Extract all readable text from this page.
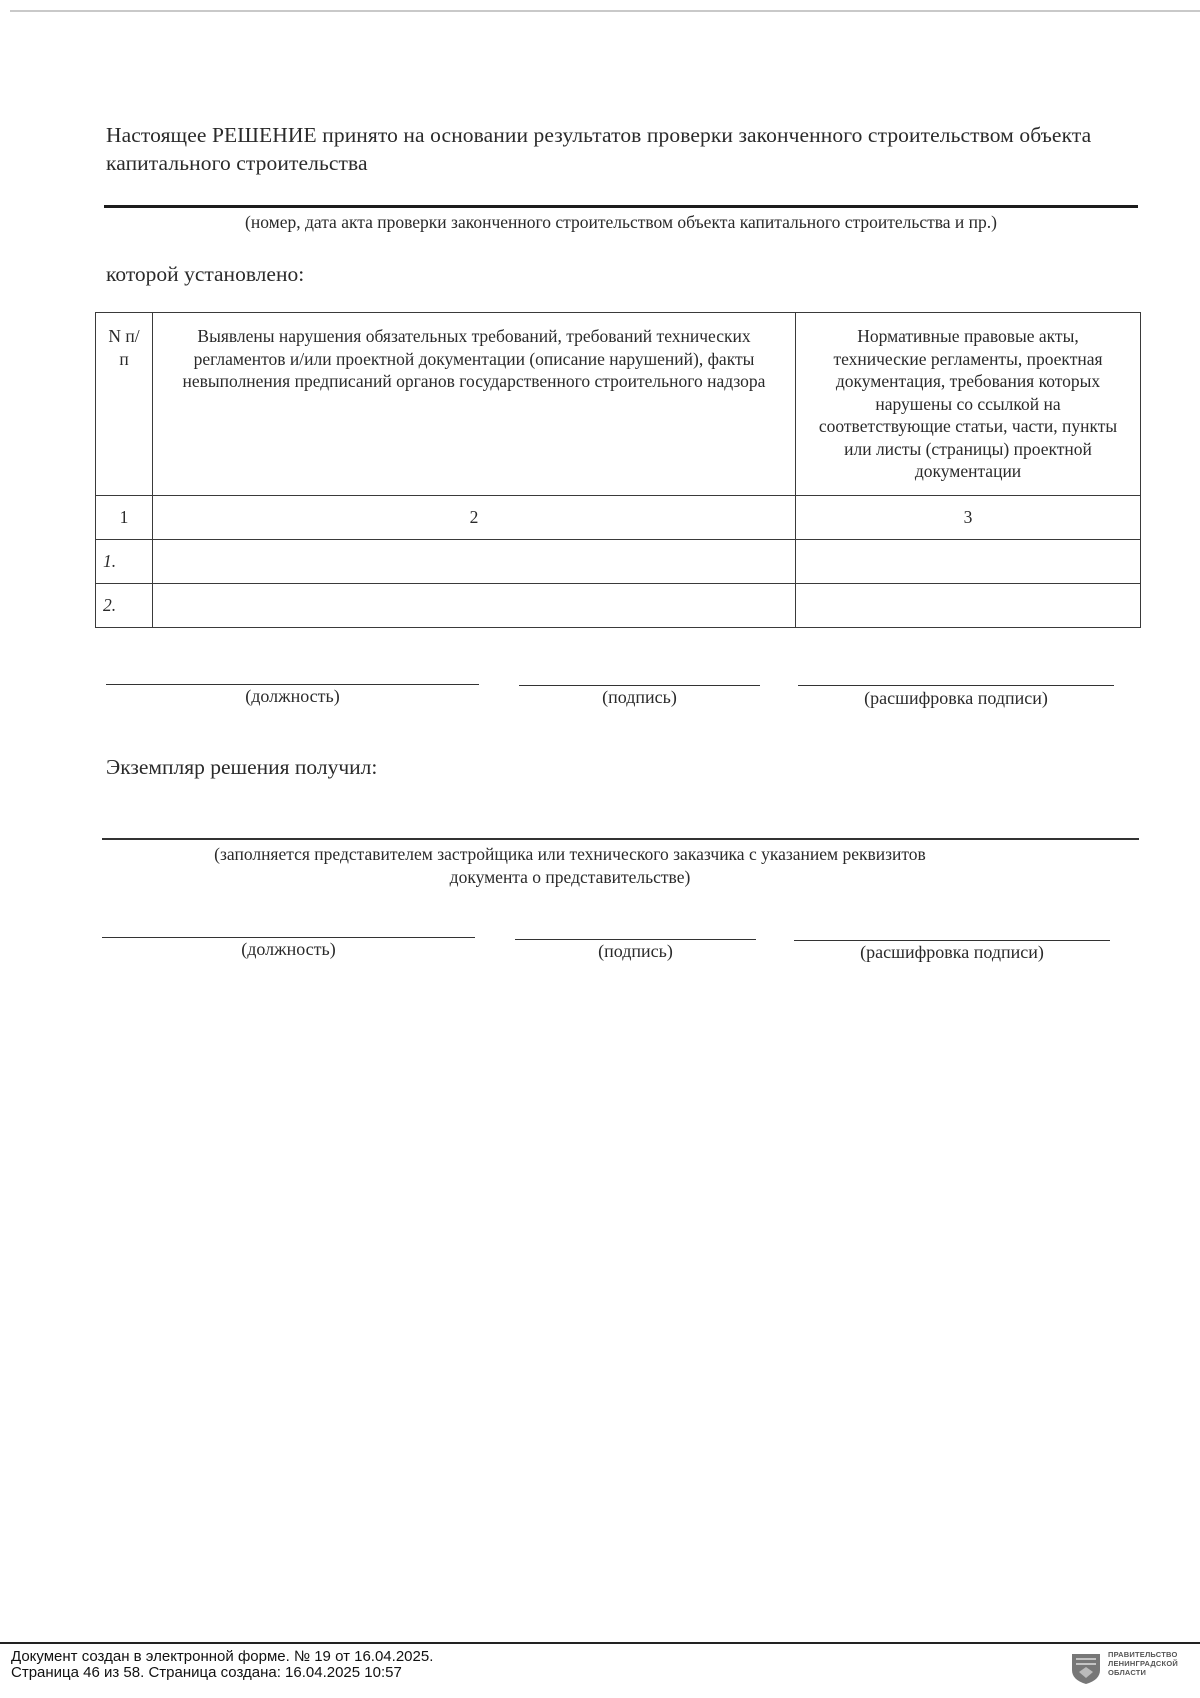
Настоящее РЕШЕНИЕ принято на основании результатов проверки законченного строительством объекта капитального строительства
(номер, дата акта проверки законченного строительством объекта капитального строительства и пр.)
которой установлено:
N п/п	Выявлены нарушения обязательных требований, требований технических регламентов и/или проектной документации (описание нарушений), факты невыполнения предписаний органов государственного строительного надзора	Нормативные правовые акты, технические регламенты, проектная документация, требования которых нарушены со ссылкой на соответствующие статьи, части, пункты или листы (страницы) проектной документации

1	2	3
1.		
2.		
(должность)	(подпись)	(расшифровка подписи)
Экземпляр решения получил:
(заполняется представителем застройщика или технического заказчика с указанием реквизитов документа о представительстве)
(должность)	(подпись)	(расшифровка подписи)
Документ создан в электронной форме. № 19 от 16.04.2025.
Страница 46 из 58. Страница создана: 16.04.2025 10:57
ПРАВИТЕЛЬСТВО ЛЕНИНГРАДСКОЙ ОБЛАСТИ
